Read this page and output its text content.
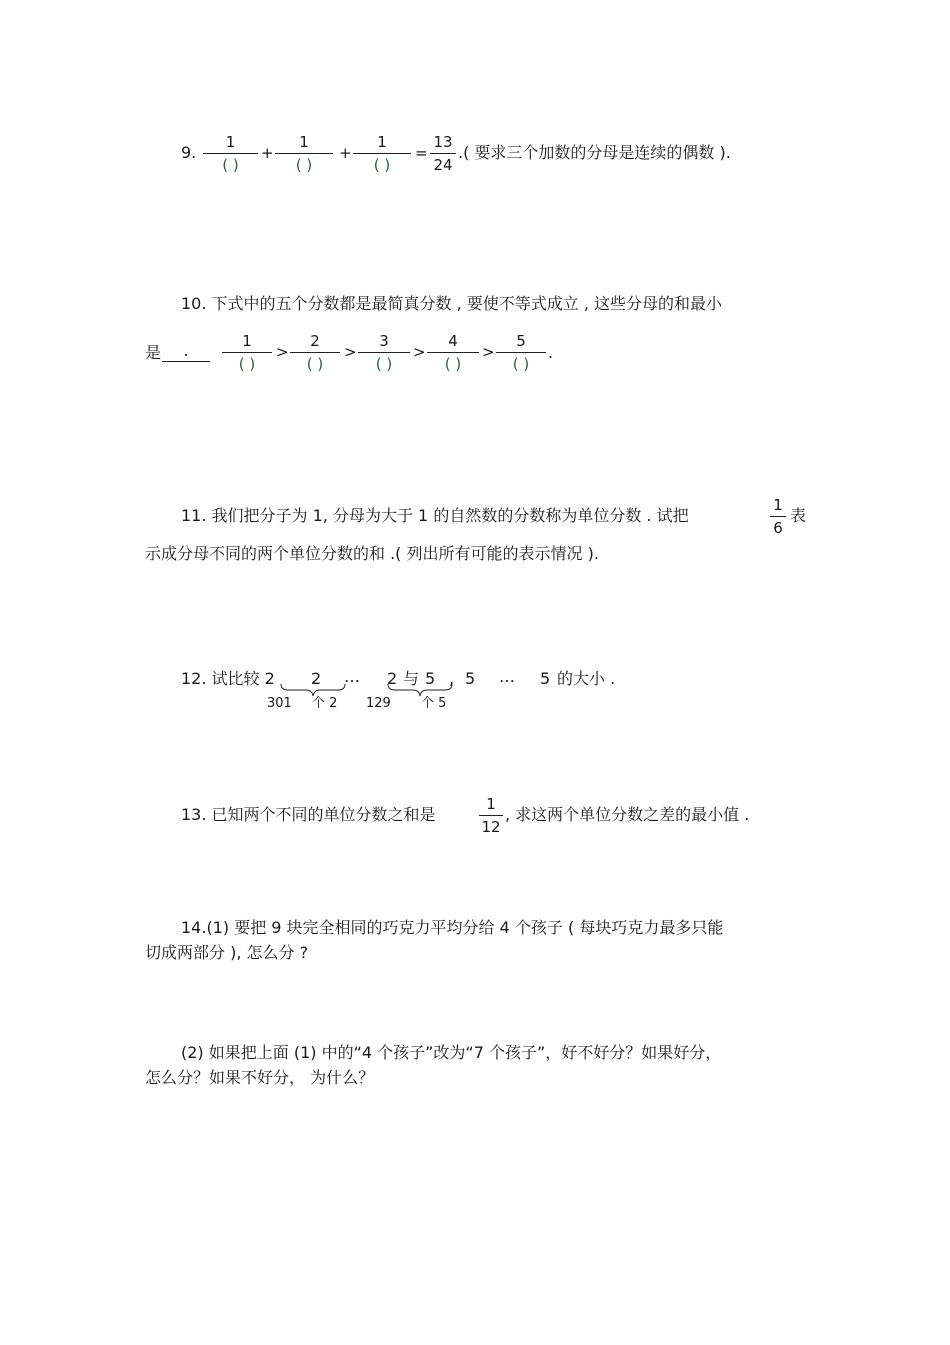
9.
1
( )
+
1
( )
+
1
( )
=
13
24
.( 要求三个加数的分母是连续的偶数 ).
10. 下式中的五个分数都是最简真分数 , 要使不等式成立 , 这些分母的和最小
是	.	1
( )
>
2
( )
>
3
( )
>
4
( )
>
5
( )
.
11. 我们把分子为 1, 分母为大于 1 的自然数的分数称为单位分数 . 试把
1
6
表
示成分母不同的两个单位分数的和 .( 列出所有可能的表示情况 ).
12. 试比较 2 2 … 2 与 5 , 5 … 5 的大小 .
301 个 2 129 个 5
13. 已知两个不同的单位分数之和是
1
12
, 求这两个单位分数之差的最小值 .
14.(1) 要把 9 块完全相同的巧克力平均分给 4 个孩子 ( 每块巧克力最多只能
切成两部分 ), 怎么分 ?
(2) 如果把上面 (1) 中的“4 个孩子”改为“7 个孩子”，好不好分？如果好分，
怎么分？如果不好分， 为什么？
